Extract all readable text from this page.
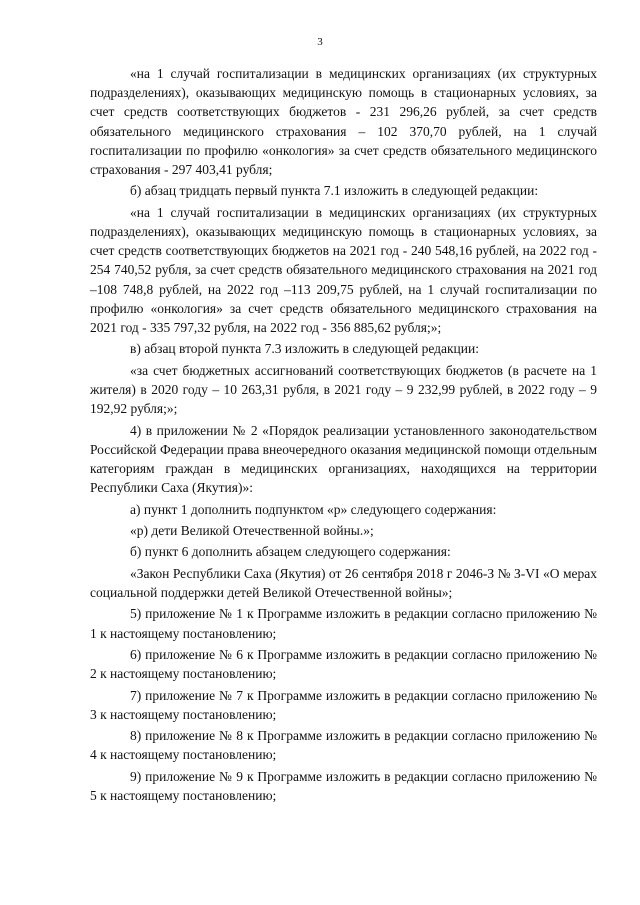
3

«на 1 случай госпитализации в медицинских организациях (их структурных подразделениях), оказывающих медицинскую помощь в стационарных условиях, за счет средств соответствующих бюджетов - 231 296,26 рублей, за счет средств обязательного медицинского страхования – 102 370,70 рублей, на 1 случай госпитализации по профилю «онкология» за счет средств обязательного медицинского страхования - 297 403,41 рубля;

б) абзац тридцать первый пункта 7.1 изложить в следующей редакции:

«на 1 случай госпитализации в медицинских организациях (их структурных подразделениях), оказывающих медицинскую помощь в стационарных условиях, за счет средств соответствующих бюджетов на 2021 год - 240 548,16 рублей, на 2022 год - 254 740,52 рубля, за счет средств обязательного медицинского страхования на 2021 год –108 748,8 рублей, на 2022 год –113 209,75 рублей, на 1 случай госпитализации по профилю «онкология» за счет средств обязательного медицинского страхования на 2021 год - 335 797,32 рубля, на 2022 год - 356 885,62 рубля;»;

в) абзац второй пункта 7.3 изложить в следующей редакции:

«за счет бюджетных ассигнований соответствующих бюджетов (в расчете на 1 жителя) в 2020 году – 10 263,31 рубля, в 2021 году – 9 232,99 рублей, в 2022 году – 9 192,92 рубля;»;

4) в приложении № 2 «Порядок реализации установленного законодательством Российской Федерации права внеочередного оказания медицинской помощи отдельным категориям граждан в медицинских организациях, находящихся на территории Республики Саха (Якутия)»:

а) пункт 1 дополнить подпунктом «р» следующего содержания:

«р) дети Великой Отечественной войны.»;

б) пункт 6 дополнить абзацем следующего содержания:

«Закон Республики Саха (Якутия) от 26 сентября 2018 г 2046-З № З-VI «О мерах социальной поддержки детей Великой Отечественной войны»;

5) приложение № 1 к Программе изложить в редакции согласно приложению № 1 к настоящему постановлению;

6) приложение № 6 к Программе изложить в редакции согласно приложению № 2 к настоящему постановлению;

7) приложение № 7 к Программе изложить в редакции согласно приложению № 3 к настоящему постановлению;

8) приложение № 8 к Программе изложить в редакции согласно приложению № 4 к настоящему постановлению;

9) приложение № 9 к Программе изложить в редакции согласно приложению № 5 к настоящему постановлению;
